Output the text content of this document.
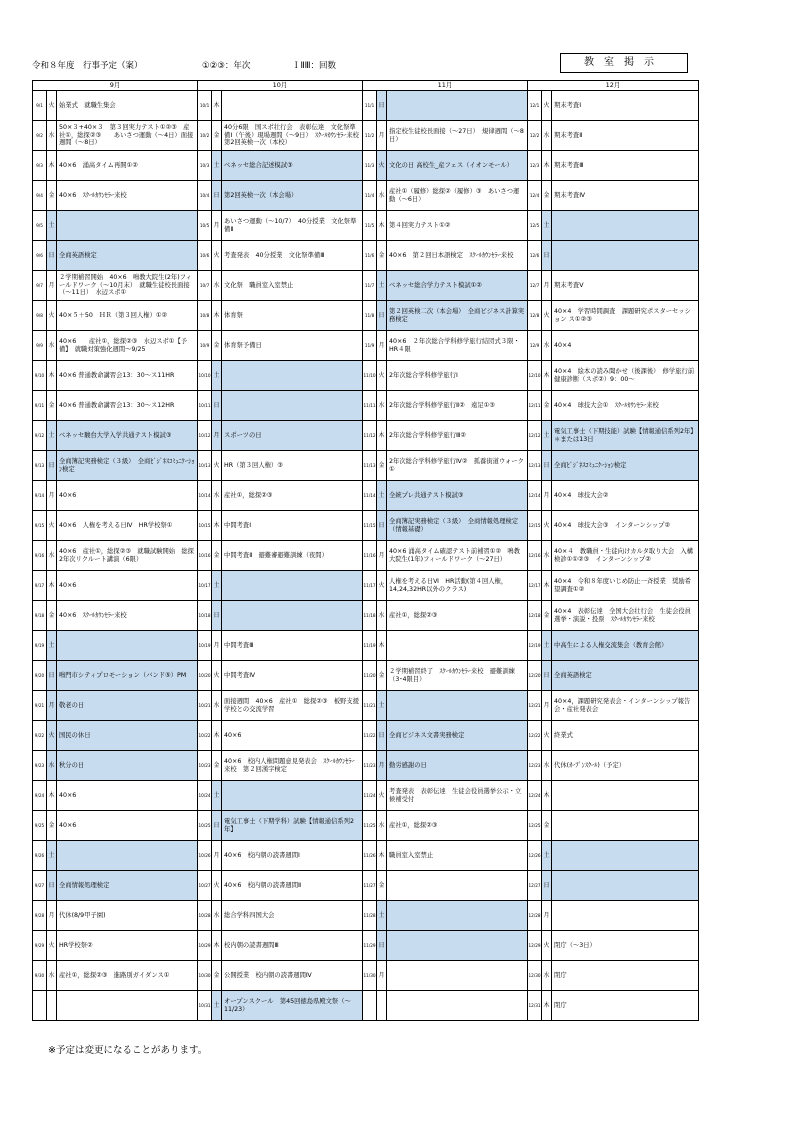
令和８年度　行事予定（案）	①②③：年次	ＩⅡⅢ：回数	教室掲示
9月			10月			11月			12月		
9/1	火	始業式　就職生集会	10/1	木		11/1	日		12/1	火	期末考査Ⅰ
9/2	水	50×３+40×３　第３回実力テスト①②③　産社①，総探②③　　あいさつ運動（～4日）面接週間（～8日）	10/2	金	40分6限　国スポ壮行会　表彰伝達　文化祭準備Ⅰ（午後）現場週間（～9日）　ｽｸｰﾙｶｳﾝｾﾗｰ来校　第2回英検一次（本校）	11/2	月	指定校生徒校長面接（～27日）　規律週間（～8日）	12/2	水	期末考査Ⅱ
9/3	木	40×6　涌高タイム再開①②	10/3	土	ベネッセ総合記述模試③	11/3	火	文化の日 高校生_産フェス（イオンモール）	12/3	木	期末考査Ⅲ
9/4	金	40×6　ｽｸｰﾙｶｳﾝｾﾗｰ来校	10/4	日	第2回英検一次（本会場）	11/4	水	産社①（履修）総探②（履修）③　あいさつ運動（～6日）	12/4	金	期末考査Ⅳ
9/5	土		10/5	月	あいさつ運動（～10/7）　40分授業　文化祭準備Ⅱ	11/5	木	第４回実力テスト①②	12/5	土	
9/6	日	全商英語検定	10/6	火	考査発表　40分授業　文化祭準備Ⅲ	11/6	金	40×6　第２回日本語検定　ｽｸｰﾙｶｳﾝｾﾗｰ来校	12/6	日	
9/7	月	２学期補習開始　40×6　鳴教大院生(2年)フィールドワーク（～10月末）　就職生徒校長面接（～11日）　水辺スポ①	10/7	水	文化祭　職員室入室禁止	11/7	土	ベネッセ総合学力テスト模試①②	12/7	月	期末考査Ⅴ
9/8	火	40×５＋50　ＨＲ（第３回人権）①②	10/8	木	体育祭	11/8	日	第２回英検二次（本会場）　全商ビジネス計算実務検定	12/8	火	40×4　学習時間調査　課題研究ポスターセッション ス①②③
9/9	水	40×6　　産社①，総探②③　水辺スポ①【予備】　就職対策強化週間～9/25	10/9	金	体育祭予備日	11/9	月	40×6　２年次総合学科修学旅行結団式３限・HR４限	12/9	水	40×4
9/10	木	40×6 普通教命講習会13：30～ス11HR	10/10	土		11/10	火	2年次総合学科修学旅行Ⅰ	12/10	木	40×4　絵本の読み聞かせ（後課後）　修学旅行前健康診断（スポ②）9：00～
9/11	金	40×6 普通教命講習会13：30～ス12HR	10/11	日		11/11	水	2年次総合学科修学旅行Ⅱ②　遠足①③	12/11	金	40×4　球技大会①　ｽｸｰﾙｶｳﾝｾﾗｰ来校
9/12	土	ベネッセ駿台大学入学共通テスト模試③	10/12	月	スポーツの日	11/12	木	2年次総合学科修学旅行Ⅲ②	12/12	土	電気工事士（下期技能）試験【情報通信系列2年】＊または13日
9/13	日	全商簿記実務検定（３級）　全商ﾋﾞｼﾞﾈｽｺﾐｭﾆｹｰｼｮﾝ検定	10/13	火	HR（第３回人権）③	11/13	金	2年次総合学科修学旅行Ⅳ②　孤養街道ウォーク①	12/13	日	全商ﾋﾞｼﾞﾈｽｺﾐｭﾆｹｰｼｮﾝ検定
9/14	月	40×6	10/14	水	産社①，総探②③	11/14	土	全統プレ共通テスト模試③	12/14	月	40×4　球技大会②
9/15	火	40×6　人権を考える日Ⅳ　HR学校祭①	10/15	木	中間考査Ⅰ	11/15	日	全商簿記実務検定（３級）　全商情報処理検定（情報基礎）	12/15	火	40×4　球技大会③　インターンシップ②
9/16	水	40×6　産社①，総探②③　就職試験開始　総探2年次リクルート講演（6限）	10/16	金	中間考査Ⅱ　避難審避難訓練（夜間）	11/16	月	40×6 涌高タイム確認テスト前補習①②　鳴教大院生(1年)フィールドワーク（～27日）	12/16	水	40×４　教職員・生徒向けカルタ取り大会　入構検診①①②③　インターンシップ②
9/17	木	40×6	10/17	土		11/17	火	人権を考える日Ⅵ　HR活動(第４回人権，14,24,32HR以外のクラス)	12/17	木	40×4　令和８年度いじめ防止一斉授業　奨励希望調査①②
9/18	金	40×6　ｽｸｰﾙｶｳﾝｾﾗｰ来校	10/18	日		11/18	水	産社①，総探②③	12/18	金	40×4　表彰伝達　全国大会壮行会　生徒会役員選挙・演説・投票　ｽｸｰﾙｶｳﾝｾﾗｰ来校
9/19	土		10/19	月	中間考査Ⅲ	11/19	木		12/19	土	中高生による人権交流集会（教育会館）
9/20	日	鳴門市シティプロモーション（バンド⑤）PM	10/20	火	中間考査Ⅳ	11/20	金	２学期補習終了　ｽｸｰﾙｶｳﾝｾﾗｰ来校　避難訓練（3･4限目）	12/20	日	全商英語検定
9/21	月	敬老の日	10/21	水	面接週間　40×6　産社①　総探②③　板野支援学校との交流学習	11/21	土		12/21	月	40×4，課題研究発表会・インターンシップ報告会・産社発表会
9/22	火	国民の休日	10/22	木	40×6	11/22	日	全商ビジネス文書実務検定	12/22	火	終業式
9/23	水	秋分の日	10/23	金	40×6　校内人権問題意見発表会　ｽｸｰﾙｶｳﾝｾﾗｰ来校　第２回漢字検定	11/23	月	勤労感謝の日	12/23	水	代休(ｵｰﾌﾟﾝｽｸｰﾙ)（予定）
9/24	木	40×6	10/24	土		11/24	火	考査発表　表彰伝達　生徒会役員選挙公示・立候補受付	12/24	木	
9/25	金	40×6	10/25	日	電気工事士（下期学科）試験【情報通信系列2年】	11/25	水	産社①，総探②③	12/25	金	
9/26	土		10/26	月	40×6　校内朝の読書週間Ⅰ	11/26	木	職員室入室禁止	12/26	土	
9/27	日	全商情報処理検定	10/27	火	40×6　校内朝の読書週間Ⅱ	11/27	金		12/27	日	
9/28	月	代休(8/9甲子園)	10/28	水	総合学科四国大会	11/28	土		12/28	月	
9/29	火	HR学校祭②	10/29	木	校内朝の読書週間Ⅲ	11/29	日		12/29	火	閉庁（～3日）
9/30	水	産社①，総探②③　進路別ガイダンス①	10/30	金	公開授業　校内朝の読書週間Ⅳ	11/30	月		12/30	水	閉庁
			10/31	土	オープンスクール　第45回徳島県殿文祭（～11/23）				12/31	木	閉庁
※予定は変更になることがあります。
